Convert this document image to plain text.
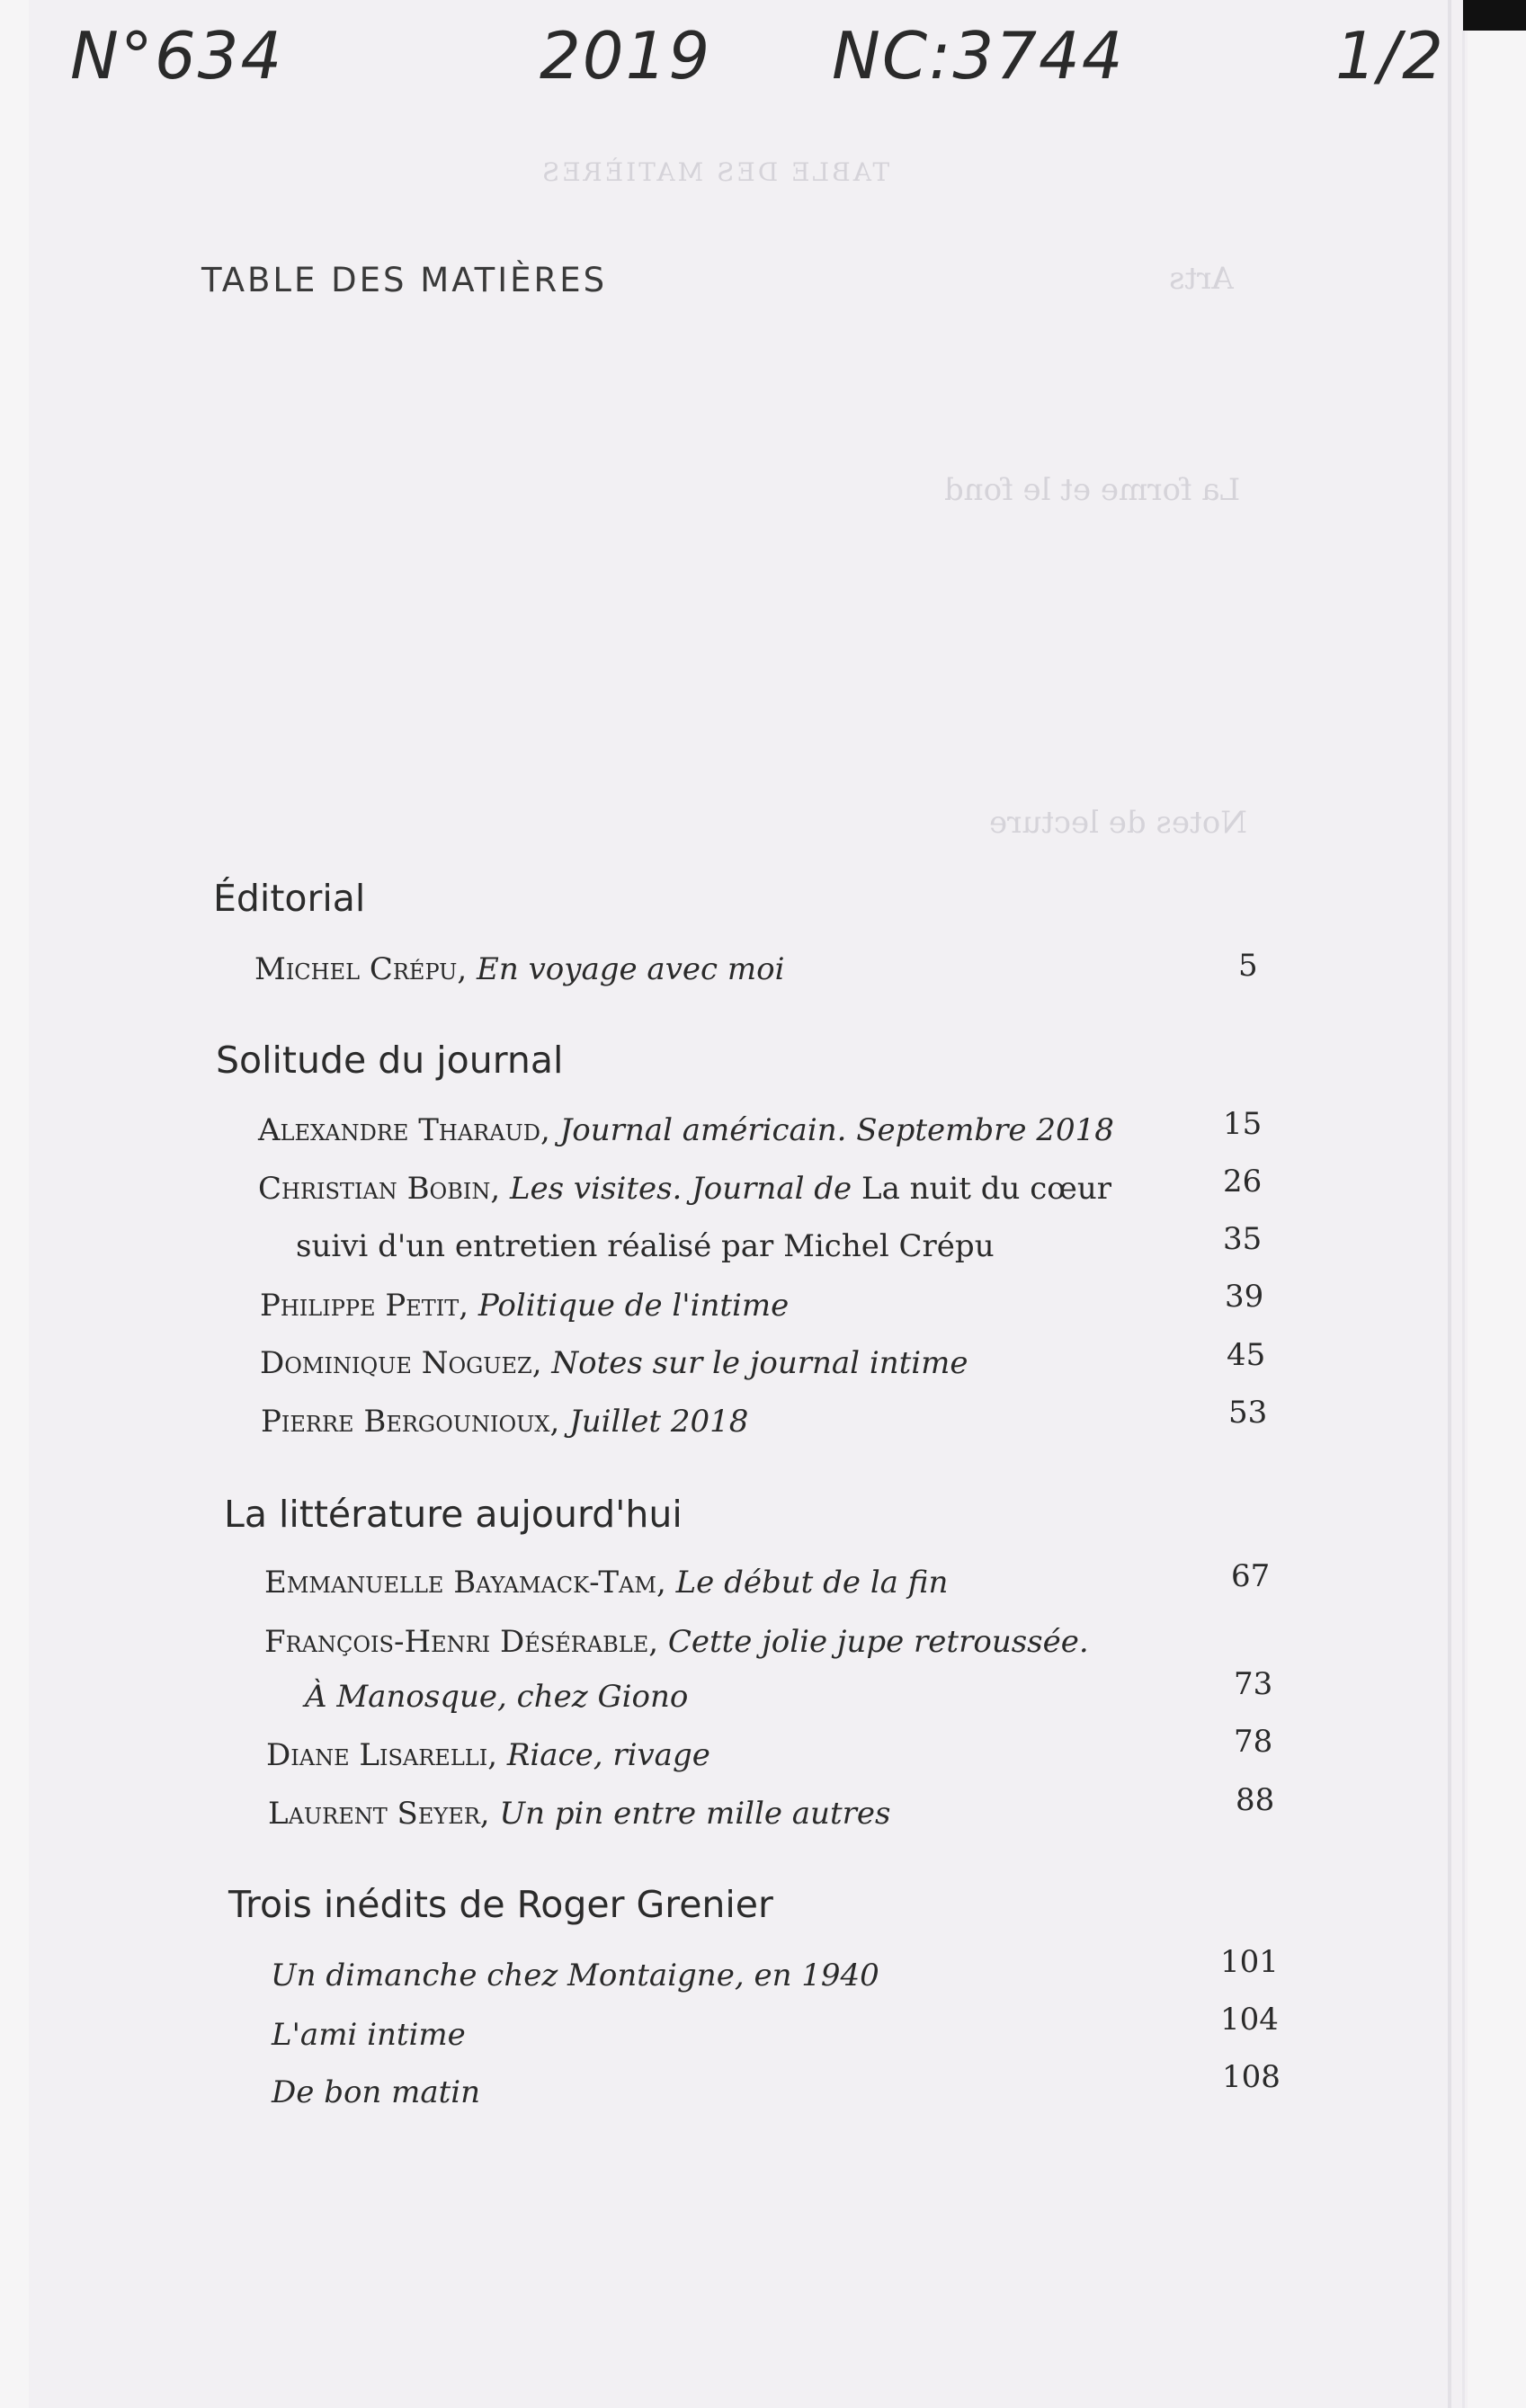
N°634	2019 NC:3744	1/2
TABLE DES MATIÈRES
Arts
La forme et le fond
Notes de lecture
TABLE DES MATIÈRES
Éditorial
Michel Crépu, En voyage avec moi	5
Solitude du journal
Alexandre Tharaud, Journal américain. Septembre 2018	15
Christian Bobin, Les visites. Journal de La nuit du cœur	26
suivi d'un entretien réalisé par Michel Crépu	35
Philippe Petit, Politique de l'intime	39
Dominique Noguez, Notes sur le journal intime	45
Pierre Bergounioux, Juillet 2018	53
La littérature aujourd'hui
Emmanuelle Bayamack-Tam, Le début de la fin	67
François-Henri Désérable, Cette jolie jupe retroussée.
À Manosque, chez Giono	73
Diane Lisarelli, Riace, rivage	78
Laurent Seyer, Un pin entre mille autres	88
Trois inédits de Roger Grenier
Un dimanche chez Montaigne, en 1940	101
L'ami intime	104
De bon matin	108
